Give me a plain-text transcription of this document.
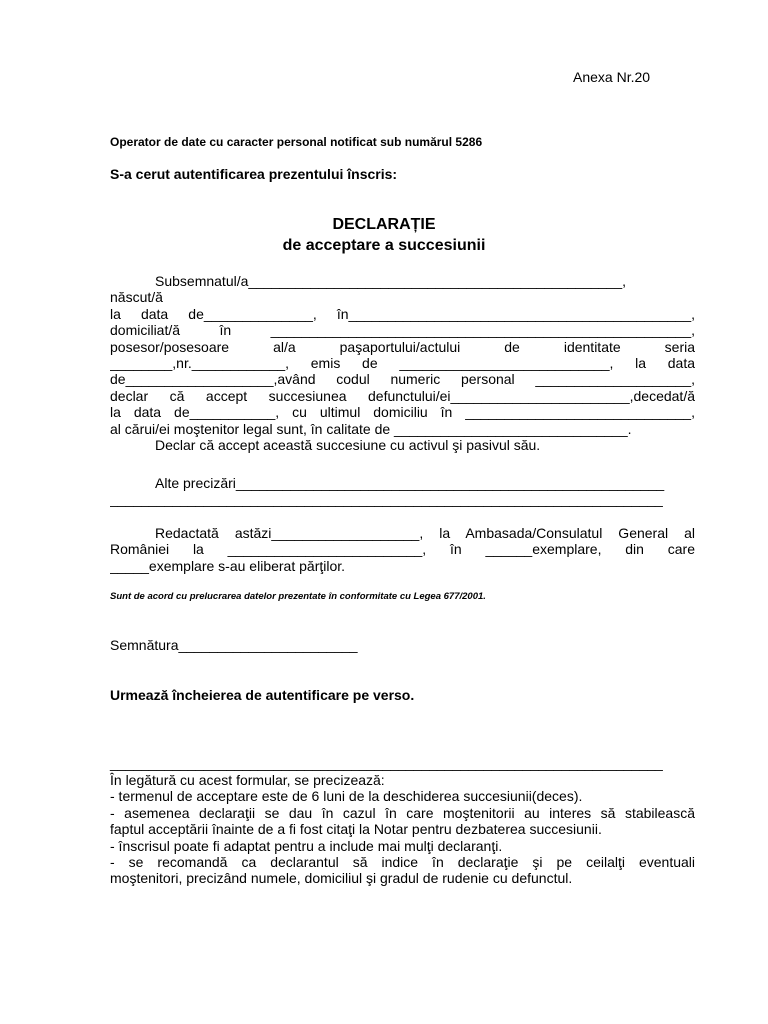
Anexa Nr.20
Operator de date cu caracter personal notificat sub numărul 5286
S-a cerut autentificarea prezentului înscris:
DECLARAȚIE
de acceptare a succesiunii
Subsemnatul/a________________________________________________,
născut/ă
la data de______________, în____________________________________________,
domiciliat/ă în ______________________________________________________,
posesor/posesoare al/a paşaportului/actului de identitate seria
________,nr.____________, emis de ___________________________, la data
de___________________,având codul numeric personal ____________________,
declar că accept succesiunea defunctului/ei_______________________,decedat/ă
la data de___________, cu ultimul domiciliu în _____________________________,
al cărui/ei moştenitor legal sunt, în calitate de ______________________________.
Declar că accept această succesiune cu activul şi pasivul său.
Alte precizări_______________________________________________________
_______________________________________________________________________
Redactată astăzi___________________, la Ambasada/Consulatul General al
României la _________________________, în ______exemplare, din care
_____exemplare s-au eliberat părţilor.
Sunt de acord cu prelucrarea datelor prezentate în conformitate cu Legea 677/2001.
Semnătura_______________________
Urmează încheierea de autentificare pe verso.
_______________________________________________________________________
În legătură cu acest formular, se precizează:
- termenul de acceptare este de 6 luni de la deschiderea succesiunii(deces).
- asemenea declaraţii se dau în cazul în care moştenitorii au interes să stabilească
faptul acceptării înainte de a fi fost citaţi la Notar pentru dezbaterea succesiunii.
- înscrisul poate fi adaptat pentru a include mai mulţi declaranţi.
- se recomandă ca declarantul să indice în declaraţie şi pe ceilalţi eventuali
moştenitori, precizând numele, domiciliul şi gradul de rudenie cu defunctul.
